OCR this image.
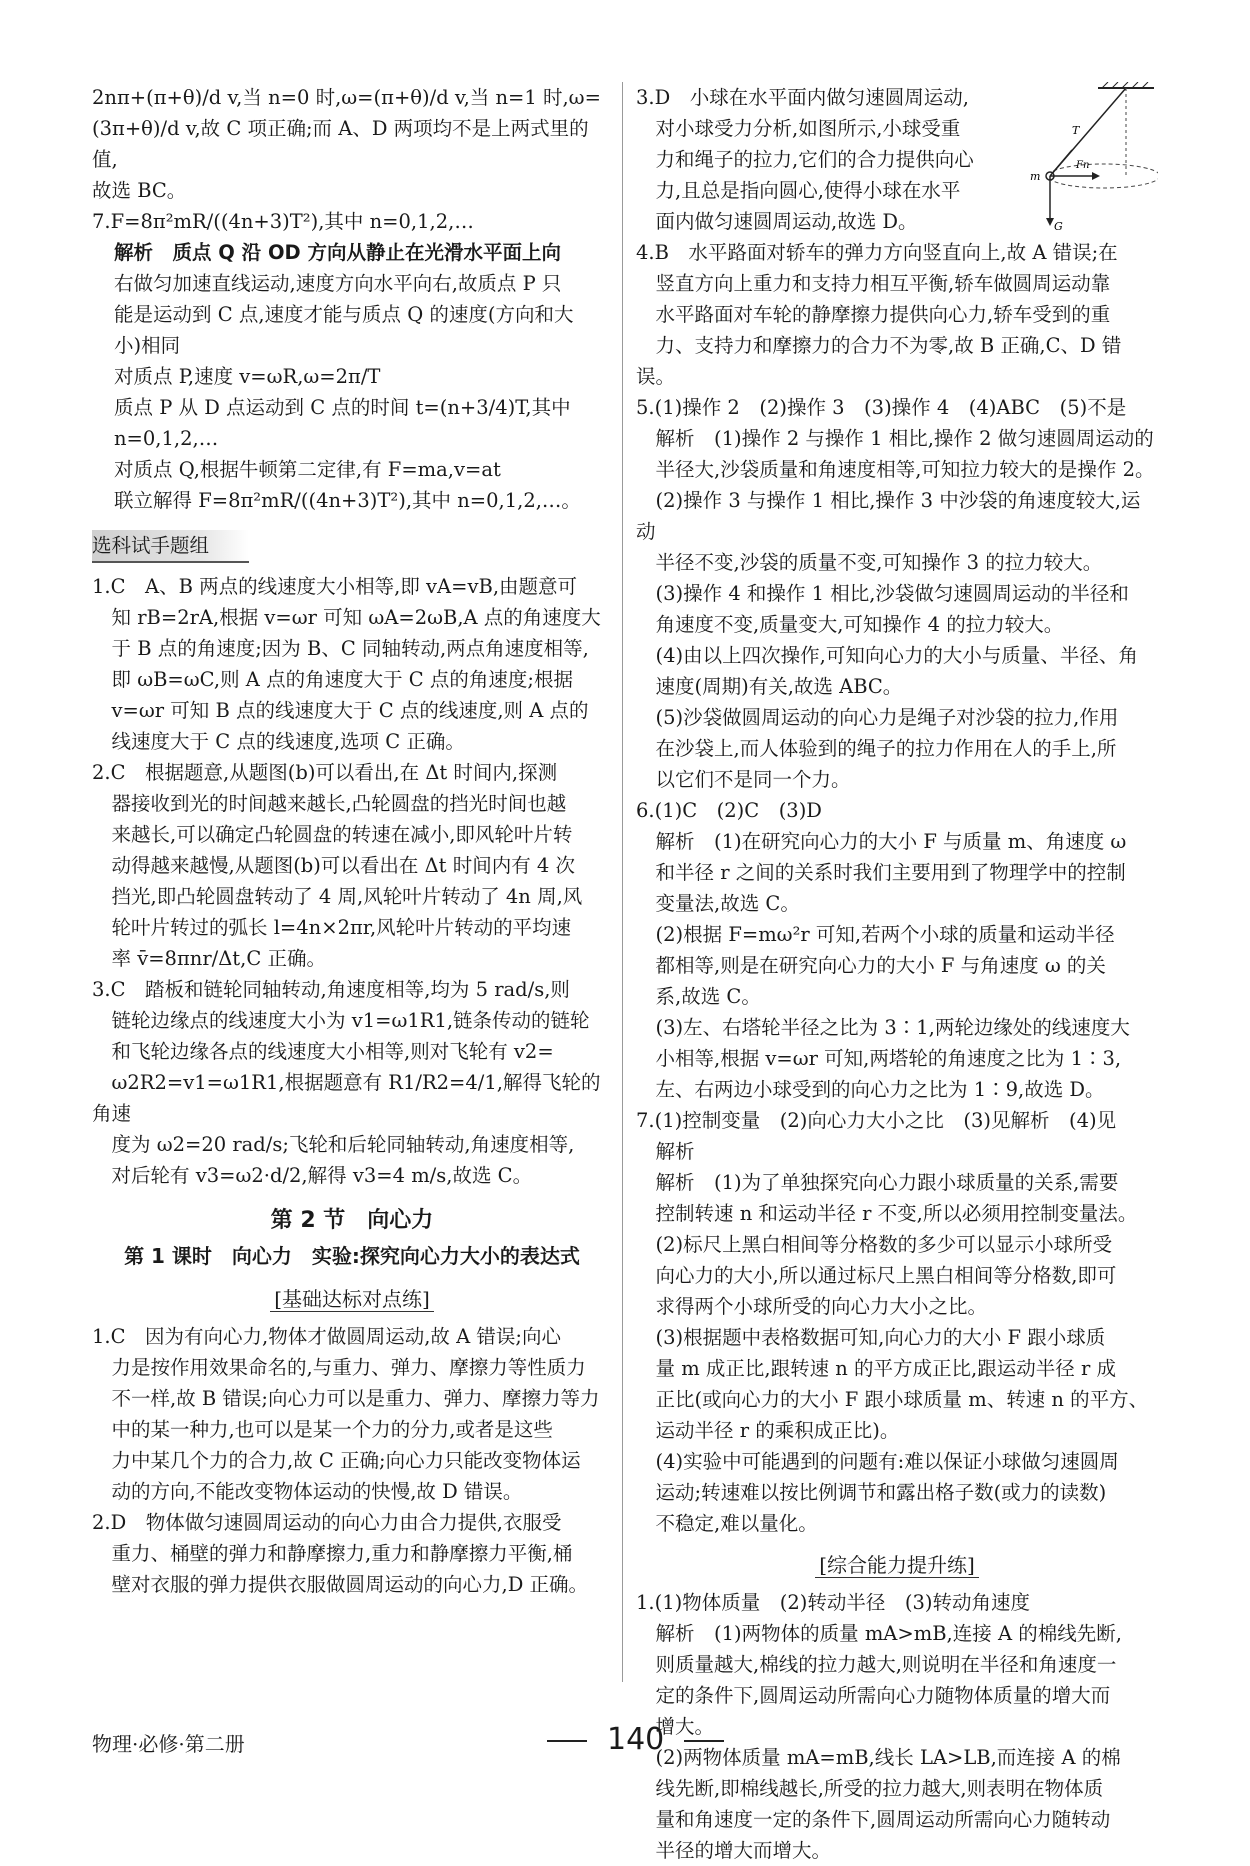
2nπ+(π+θ)/d v,当 n=0 时,ω=(π+θ)/d v,当 n=1 时,ω=

(3π+θ)/d v,故 C 项正确;而 A、D 两项均不是上两式里的值,

故选 BC。

7.F=8π²mR/((4n+3)T²),其中 n=0,1,2,…

解析　质点 Q 沿 OD 方向从静止在光滑水平面上向

右做匀加速直线运动,速度方向水平向右,故质点 P 只

能是运动到 C 点,速度才能与质点 Q 的速度(方向和大

小)相同

对质点 P,速度 v=ωR,ω=2π/T

质点 P 从 D 点运动到 C 点的时间 t=(n+3/4)T,其中

n=0,1,2,…

对质点 Q,根据牛顿第二定律,有 F=ma,v=at

联立解得 F=8π²mR/((4n+3)T²),其中 n=0,1,2,…。

选科试手题组

1.C　A、B 两点的线速度大小相等,即 vA=vB,由题意可

　知 rB=2rA,根据 v=ωr 可知 ωA=2ωB,A 点的角速度大

　于 B 点的角速度;因为 B、C 同轴转动,两点角速度相等,

　即 ωB=ωC,则 A 点的角速度大于 C 点的角速度;根据

　v=ωr 可知 B 点的线速度大于 C 点的线速度,则 A 点的

　线速度大于 C 点的线速度,选项 C 正确。

2.C　根据题意,从题图(b)可以看出,在 Δt 时间内,探测

　器接收到光的时间越来越长,凸轮圆盘的挡光时间也越

　来越长,可以确定凸轮圆盘的转速在减小,即风轮叶片转

　动得越来越慢,从题图(b)可以看出在 Δt 时间内有 4 次

　挡光,即凸轮圆盘转动了 4 周,风轮叶片转动了 4n 周,风

　轮叶片转过的弧长 l=4n×2πr,风轮叶片转动的平均速

　率 v̄=8πnr/Δt,C 正确。

3.C　踏板和链轮同轴转动,角速度相等,均为 5 rad/s,则

　链轮边缘点的线速度大小为 v1=ω1R1,链条传动的链轮

　和飞轮边缘各点的线速度大小相等,则对飞轮有 v2=

　ω2R2=v1=ω1R1,根据题意有 R1/R2=4/1,解得飞轮的角速

　度为 ω2=20 rad/s;飞轮和后轮同轴转动,角速度相等,

　对后轮有 v3=ω2·d/2,解得 v3=4 m/s,故选 C。

第 2 节　向心力
第 1 课时　向心力　实验:探究向心力大小的表达式
[基础达标对点练]

1.C　因为有向心力,物体才做圆周运动,故 A 错误;向心

　力是按作用效果命名的,与重力、弹力、摩擦力等性质力

　不一样,故 B 错误;向心力可以是重力、弹力、摩擦力等力

　中的某一种力,也可以是某一个力的分力,或者是这些

　力中某几个力的合力,故 C 正确;向心力只能改变物体运

　动的方向,不能改变物体运动的快慢,故 D 错误。

2.D　物体做匀速圆周运动的向心力由合力提供,衣服受

　重力、桶壁的弹力和静摩擦力,重力和静摩擦力平衡,桶

　壁对衣服的弹力提供衣服做圆周运动的向心力,D 正确。

3.D　小球在水平面内做匀速圆周运动,

　对小球受力分析,如图所示,小球受重

　力和绳子的拉力,它们的合力提供向心

　力,且总是指向圆心,使得小球在水平

　面内做匀速圆周运动,故选 D。

T
m
Fn
G

4.B　水平路面对轿车的弹力方向竖直向上,故 A 错误;在

　竖直方向上重力和支持力相互平衡,轿车做圆周运动靠

　水平路面对车轮的静摩擦力提供向心力,轿车受到的重

　力、支持力和摩擦力的合力不为零,故 B 正确,C、D 错误。

5.(1)操作 2　(2)操作 3　(3)操作 4　(4)ABC　(5)不是

　解析　(1)操作 2 与操作 1 相比,操作 2 做匀速圆周运动的

　半径大,沙袋质量和角速度相等,可知拉力较大的是操作 2。

　(2)操作 3 与操作 1 相比,操作 3 中沙袋的角速度较大,运动

　半径不变,沙袋的质量不变,可知操作 3 的拉力较大。

　(3)操作 4 和操作 1 相比,沙袋做匀速圆周运动的半径和

　角速度不变,质量变大,可知操作 4 的拉力较大。

　(4)由以上四次操作,可知向心力的大小与质量、半径、角

　速度(周期)有关,故选 ABC。

　(5)沙袋做圆周运动的向心力是绳子对沙袋的拉力,作用

　在沙袋上,而人体验到的绳子的拉力作用在人的手上,所

　以它们不是同一个力。

6.(1)C　(2)C　(3)D

　解析　(1)在研究向心力的大小 F 与质量 m、角速度 ω

　和半径 r 之间的关系时我们主要用到了物理学中的控制

　变量法,故选 C。

　(2)根据 F=mω²r 可知,若两个小球的质量和运动半径

　都相等,则是在研究向心力的大小 F 与角速度 ω 的关

　系,故选 C。

　(3)左、右塔轮半径之比为 3∶1,两轮边缘处的线速度大

　小相等,根据 v=ωr 可知,两塔轮的角速度之比为 1∶3,

　左、右两边小球受到的向心力之比为 1∶9,故选 D。

7.(1)控制变量　(2)向心力大小之比　(3)见解析　(4)见

　解析

　解析　(1)为了单独探究向心力跟小球质量的关系,需要

　控制转速 n 和运动半径 r 不变,所以必须用控制变量法。

　(2)标尺上黑白相间等分格数的多少可以显示小球所受

　向心力的大小,所以通过标尺上黑白相间等分格数,即可

　求得两个小球所受的向心力大小之比。

　(3)根据题中表格数据可知,向心力的大小 F 跟小球质

　量 m 成正比,跟转速 n 的平方成正比,跟运动半径 r 成

　正比(或向心力的大小 F 跟小球质量 m、转速 n 的平方、

　运动半径 r 的乘积成正比)。

　(4)实验中可能遇到的问题有:难以保证小球做匀速圆周

　运动;转速难以按比例调节和露出格子数(或力的读数)

　不稳定,难以量化。

[综合能力提升练]

1.(1)物体质量　(2)转动半径　(3)转动角速度

　解析　(1)两物体的质量 mA>mB,连接 A 的棉线先断,

　则质量越大,棉线的拉力越大,则说明在半径和角速度一

　定的条件下,圆周运动所需向心力随物体质量的增大而

　增大。

　(2)两物体质量 mA=mB,线长 LA>LB,而连接 A 的棉

　线先断,即棉线越长,所受的拉力越大,则表明在物体质

　量和角速度一定的条件下,圆周运动所需向心力随转动

　半径的增大而增大。

物理·必修·第二册	140
